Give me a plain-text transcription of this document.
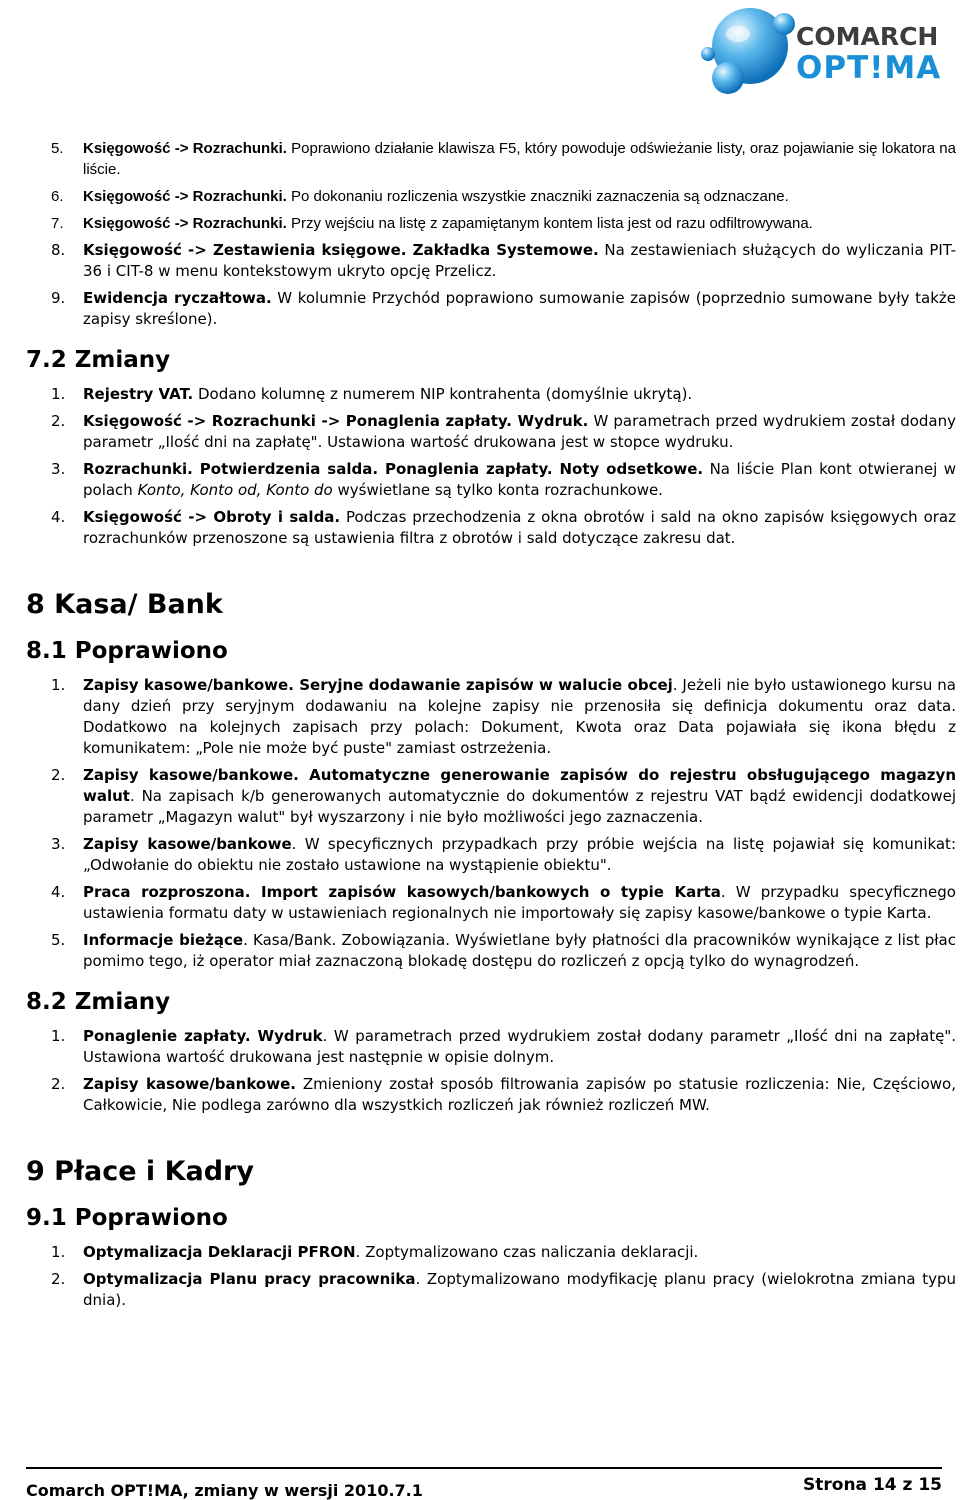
COMARCH
OPT!MA
5. Księgowość -> Rozrachunki. Poprawiono działanie klawisza F5, który powoduje odświeżanie listy, oraz pojawianie się lokatora na liście.
6. Księgowość -> Rozrachunki. Po dokonaniu rozliczenia wszystkie znaczniki zaznaczenia są odznaczane.
7. Księgowość -> Rozrachunki. Przy wejściu na listę z zapamiętanym kontem lista jest od razu odfiltrowywana.
8. Księgowość -> Zestawienia księgowe. Zakładka Systemowe. Na zestawieniach służących do wyliczania PIT-36 i CIT-8 w menu kontekstowym ukryto opcję Przelicz.
9. Ewidencja ryczałtowa. W kolumnie Przychód poprawiono sumowanie zapisów (poprzednio sumowane były także zapisy skreślone).
7.2 Zmiany
1. Rejestry VAT. Dodano kolumnę z numerem NIP kontrahenta (domyślnie ukrytą).
2. Księgowość -> Rozrachunki -> Ponaglenia zapłaty. Wydruk. W parametrach przed wydrukiem został dodany parametr „Ilość dni na zapłatę". Ustawiona wartość drukowana jest w stopce wydruku.
3. Rozrachunki. Potwierdzenia salda. Ponaglenia zapłaty. Noty odsetkowe. Na liście Plan kont otwieranej w polach Konto, Konto od, Konto do wyświetlane są tylko konta rozrachunkowe.
4. Księgowość -> Obroty i salda. Podczas przechodzenia z okna obrotów i sald na okno zapisów księgowych oraz rozrachunków przenoszone są ustawienia filtra z obrotów i sald dotyczące zakresu dat.
8 Kasa/ Bank
8.1 Poprawiono
1. Zapisy kasowe/bankowe. Seryjne dodawanie zapisów w walucie obcej. Jeżeli nie było ustawionego kursu na dany dzień przy seryjnym dodawaniu na kolejne zapisy nie przenosiła się definicja dokumentu oraz data. Dodatkowo na kolejnych zapisach przy polach: Dokument, Kwota oraz Data pojawiała się ikona błędu z komunikatem: „Pole nie może być puste" zamiast ostrzeżenia.
2. Zapisy kasowe/bankowe. Automatyczne generowanie zapisów do rejestru obsługującego magazyn walut. Na zapisach k/b generowanych automatycznie do dokumentów z rejestru VAT bądź ewidencji dodatkowej parametr „Magazyn walut" był wyszarzony i nie było możliwości jego zaznaczenia.
3. Zapisy kasowe/bankowe. W specyficznych przypadkach przy próbie wejścia na listę pojawiał się komunikat: „Odwołanie do obiektu nie zostało ustawione na wystąpienie obiektu".
4. Praca rozproszona. Import zapisów kasowych/bankowych o typie Karta. W przypadku specyficznego ustawienia formatu daty w ustawieniach regionalnych nie importowały się zapisy kasowe/bankowe o typie Karta.
5. Informacje bieżące. Kasa/Bank. Zobowiązania. Wyświetlane były płatności dla pracowników wynikające z list płac pomimo tego, iż operator miał zaznaczoną blokadę dostępu do rozliczeń z opcją tylko do wynagrodzeń.
8.2 Zmiany
1. Ponaglenie zapłaty. Wydruk. W parametrach przed wydrukiem został dodany parametr „Ilość dni na zapłatę". Ustawiona wartość drukowana jest następnie w opisie dolnym.
2. Zapisy kasowe/bankowe. Zmieniony został sposób filtrowania zapisów po statusie rozliczenia: Nie, Częściowo, Całkowicie, Nie podlega zarówno dla wszystkich rozliczeń jak również rozliczeń MW.
9 Płace i Kadry
9.1 Poprawiono
1. Optymalizacja Deklaracji PFRON. Zoptymalizowano czas naliczania deklaracji.
2. Optymalizacja Planu pracy pracownika. Zoptymalizowano modyfikację planu pracy (wielokrotna zmiana typu dnia).
Comarch OPT!MA, zmiany w wersji 2010.7.1	Strona 14 z 15
